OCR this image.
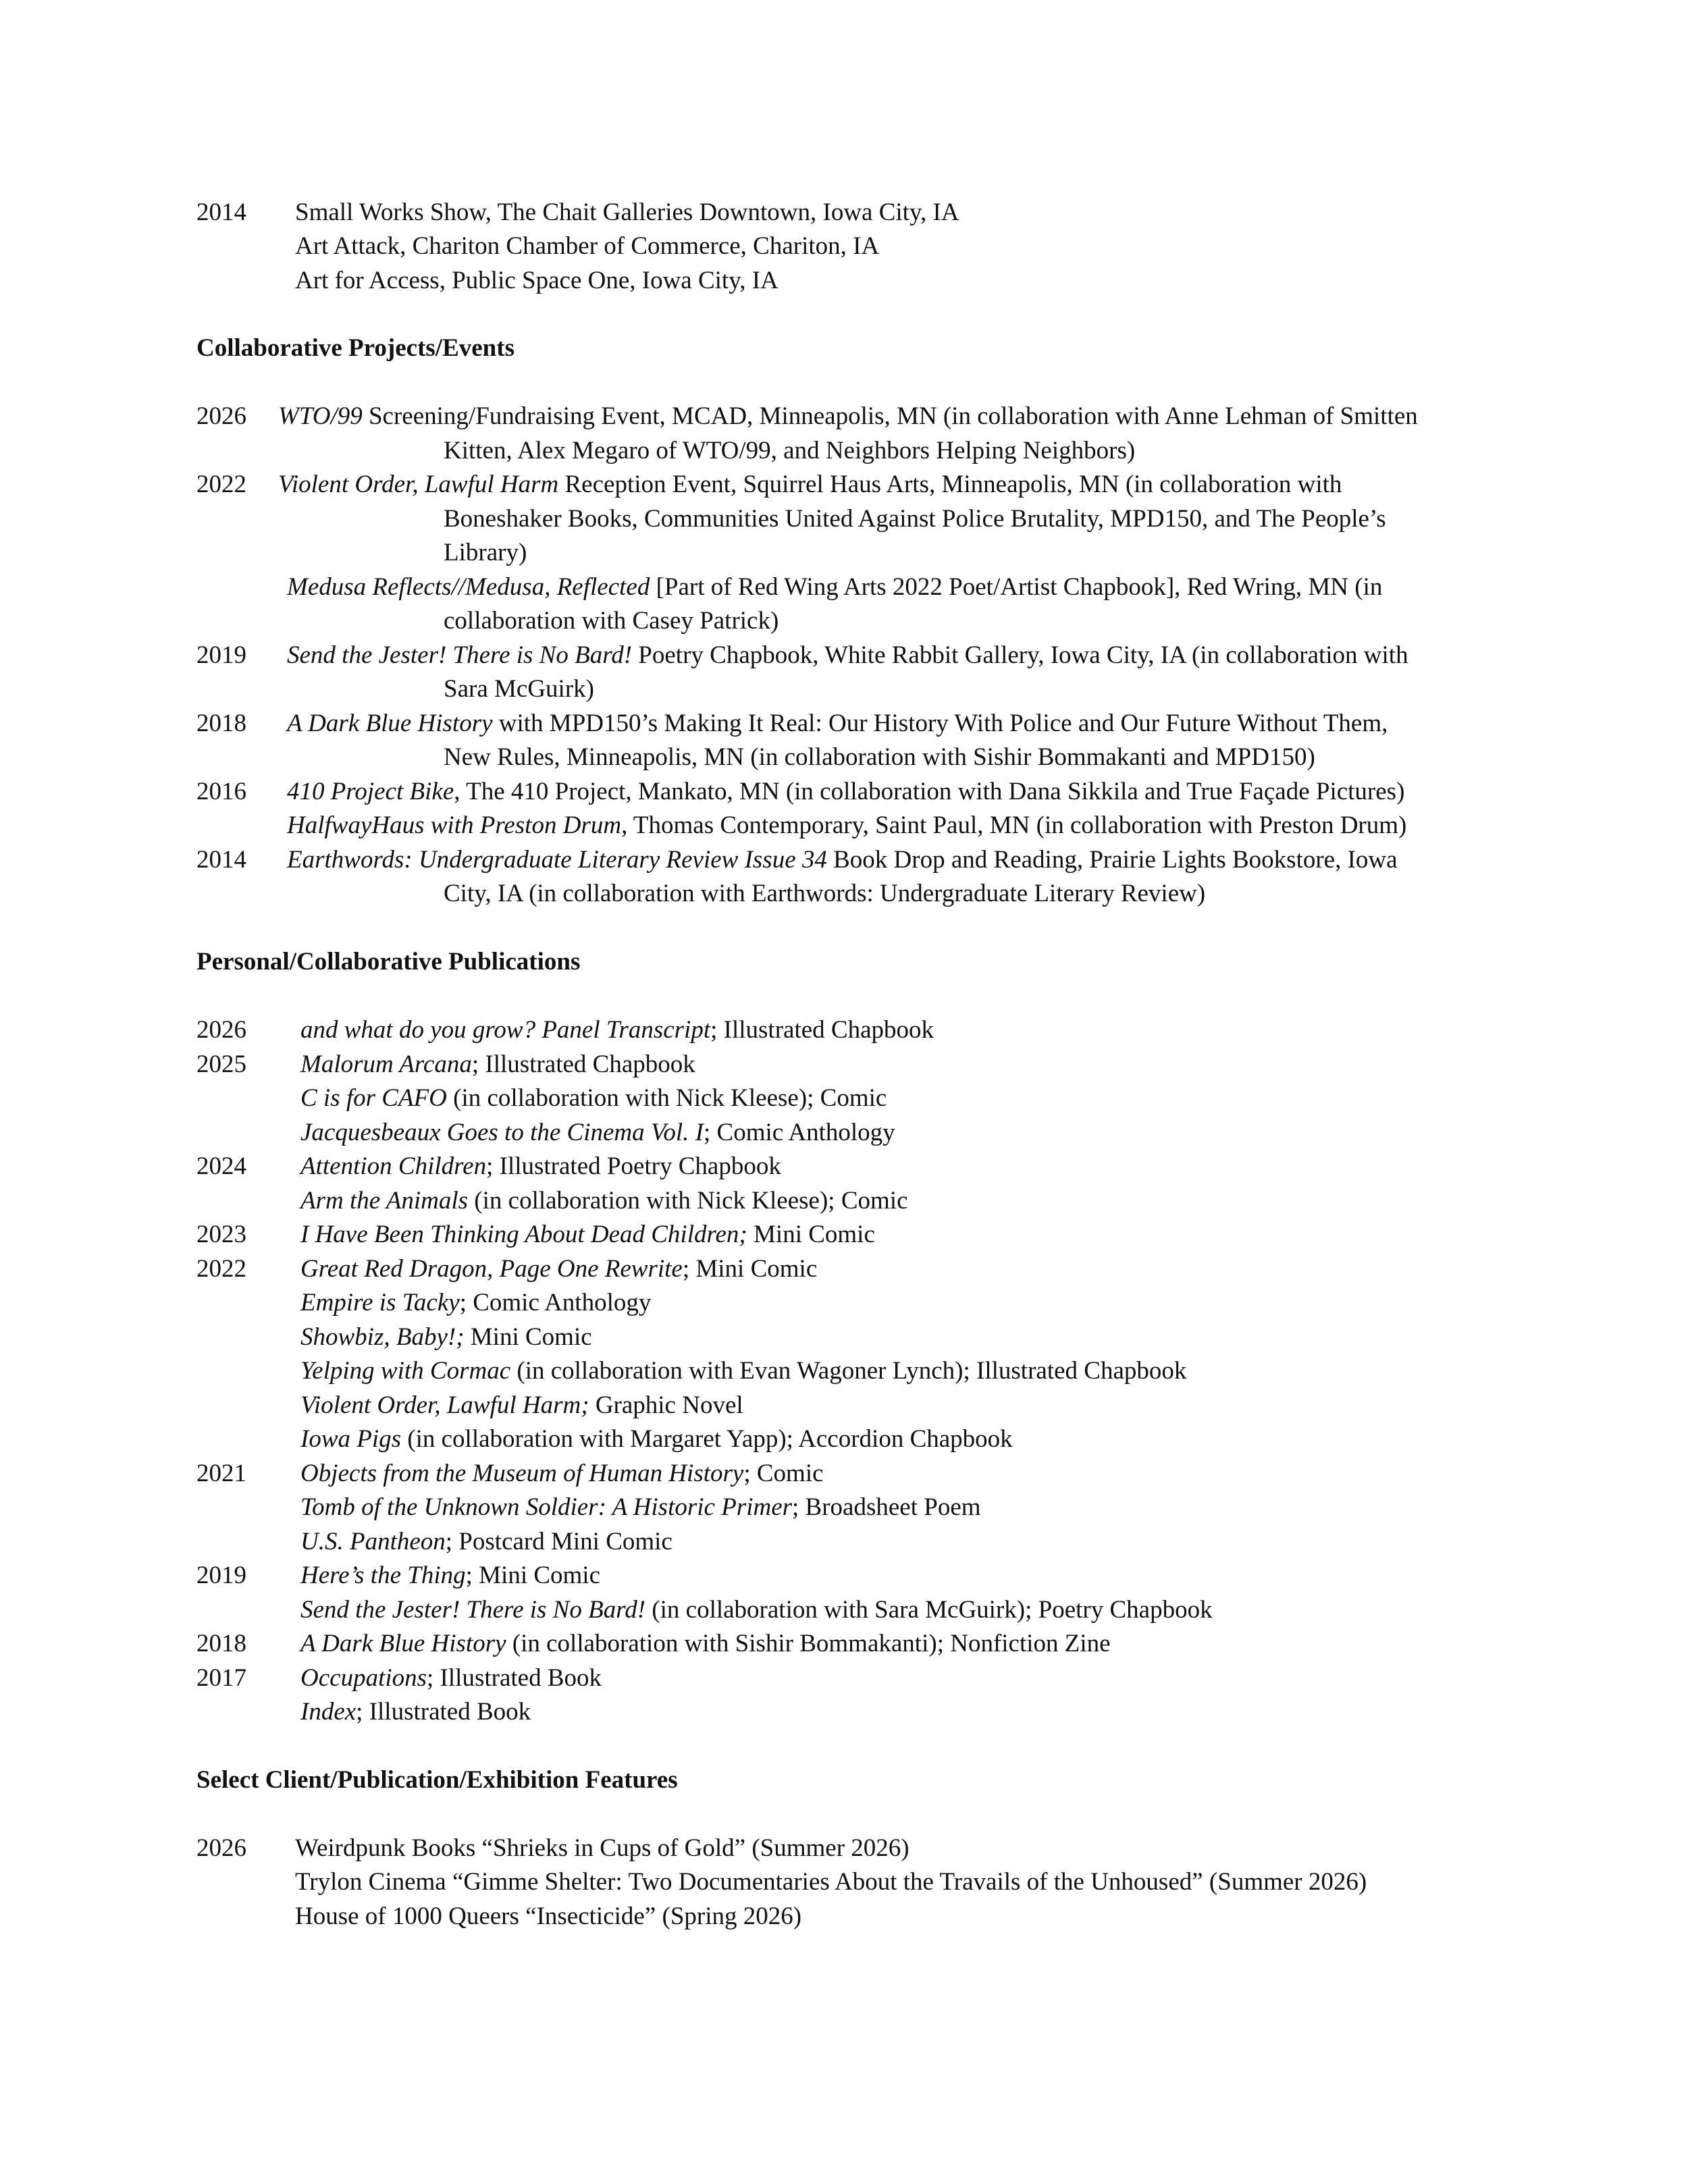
2014 Small Works Show, The Chait Galleries Downtown, Iowa City, IA
Art Attack, Chariton Chamber of Commerce, Chariton, IA
Art for Access, Public Space One, Iowa City, IA
Collaborative Projects/Events
2026 WTO/99 Screening/Fundraising Event, MCAD, Minneapolis, MN (in collaboration with Anne Lehman of Smitten
Kitten, Alex Megaro of WTO/99, and Neighbors Helping Neighbors)
2022 Violent Order, Lawful Harm Reception Event, Squirrel Haus Arts, Minneapolis, MN (in collaboration with
Boneshaker Books, Communities United Against Police Brutality, MPD150, and The People’s
Library)
Medusa Reflects//Medusa, Reflected [Part of Red Wing Arts 2022 Poet/Artist Chapbook], Red Wring, MN (in
collaboration with Casey Patrick)
2019 Send the Jester! There is No Bard! Poetry Chapbook, White Rabbit Gallery, Iowa City, IA (in collaboration with
Sara McGuirk)
2018 A Dark Blue History with MPD150’s Making It Real: Our History With Police and Our Future Without Them,
New Rules, Minneapolis, MN (in collaboration with Sishir Bommakanti and MPD150)
2016 410 Project Bike, The 410 Project, Mankato, MN (in collaboration with Dana Sikkila and True Façade Pictures)
HalfwayHaus with Preston Drum, Thomas Contemporary, Saint Paul, MN (in collaboration with Preston Drum)
2014 Earthwords: Undergraduate Literary Review Issue 34 Book Drop and Reading, Prairie Lights Bookstore, Iowa
City, IA (in collaboration with Earthwords: Undergraduate Literary Review)
Personal/Collaborative Publications
2026 and what do you grow? Panel Transcript; Illustrated Chapbook
2025 Malorum Arcana; Illustrated Chapbook
C is for CAFO (in collaboration with Nick Kleese); Comic
Jacquesbeaux Goes to the Cinema Vol. I; Comic Anthology
2024 Attention Children; Illustrated Poetry Chapbook
Arm the Animals (in collaboration with Nick Kleese); Comic
2023 I Have Been Thinking About Dead Children; Mini Comic
2022 Great Red Dragon, Page One Rewrite; Mini Comic
Empire is Tacky; Comic Anthology
Showbiz, Baby!; Mini Comic
Yelping with Cormac (in collaboration with Evan Wagoner Lynch); Illustrated Chapbook
Violent Order, Lawful Harm; Graphic Novel
Iowa Pigs (in collaboration with Margaret Yapp); Accordion Chapbook
2021 Objects from the Museum of Human History; Comic
Tomb of the Unknown Soldier: A Historic Primer; Broadsheet Poem
U.S. Pantheon; Postcard Mini Comic
2019 Here’s the Thing; Mini Comic
Send the Jester! There is No Bard! (in collaboration with Sara McGuirk); Poetry Chapbook
2018 A Dark Blue History (in collaboration with Sishir Bommakanti); Nonfiction Zine
2017 Occupations; Illustrated Book
Index; Illustrated Book
Select Client/Publication/Exhibition Features
2026 Weirdpunk Books “Shrieks in Cups of Gold” (Summer 2026)
Trylon Cinema “Gimme Shelter: Two Documentaries About the Travails of the Unhoused” (Summer 2026)
House of 1000 Queers “Insecticide” (Spring 2026)
